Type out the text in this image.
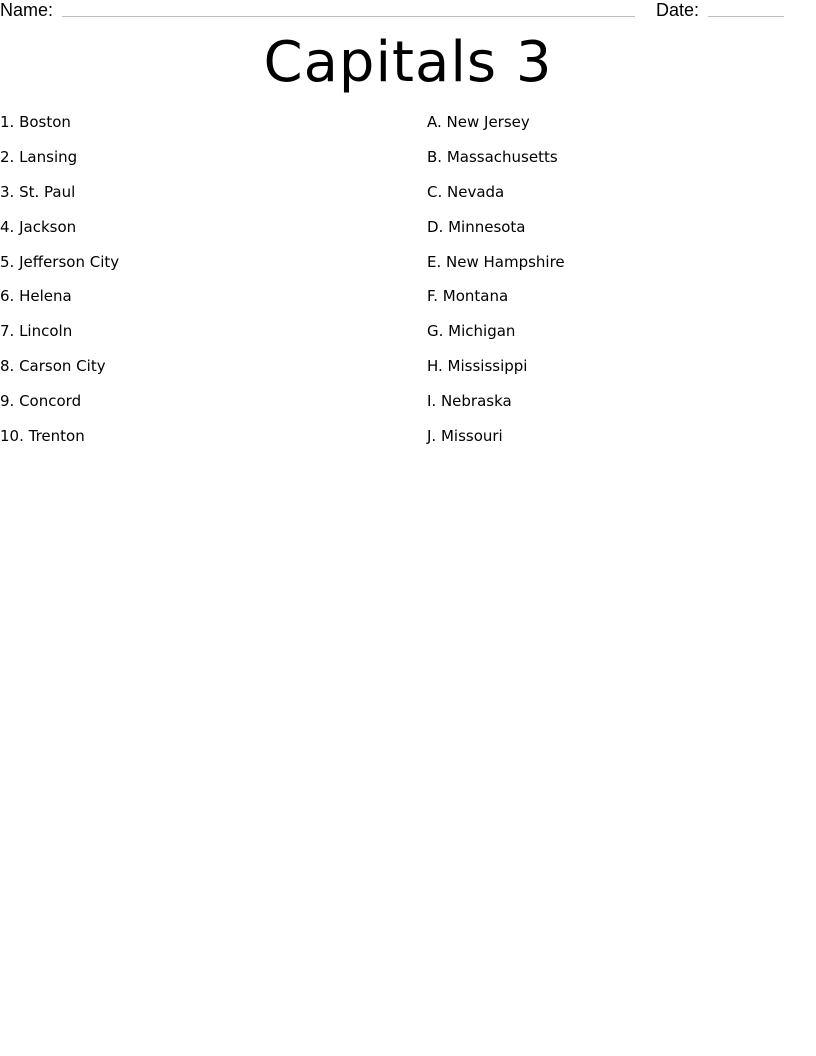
Name:	Date:
Capitals 3
1. Boston
2. Lansing
3. St. Paul
4. Jackson
5. Jefferson City
6. Helena
7. Lincoln
8. Carson City
9. Concord
10. Trenton
A. New Jersey
B. Massachusetts
C. Nevada
D. Minnesota
E. New Hampshire
F. Montana
G. Michigan
H. Mississippi
I. Nebraska
J. Missouri
